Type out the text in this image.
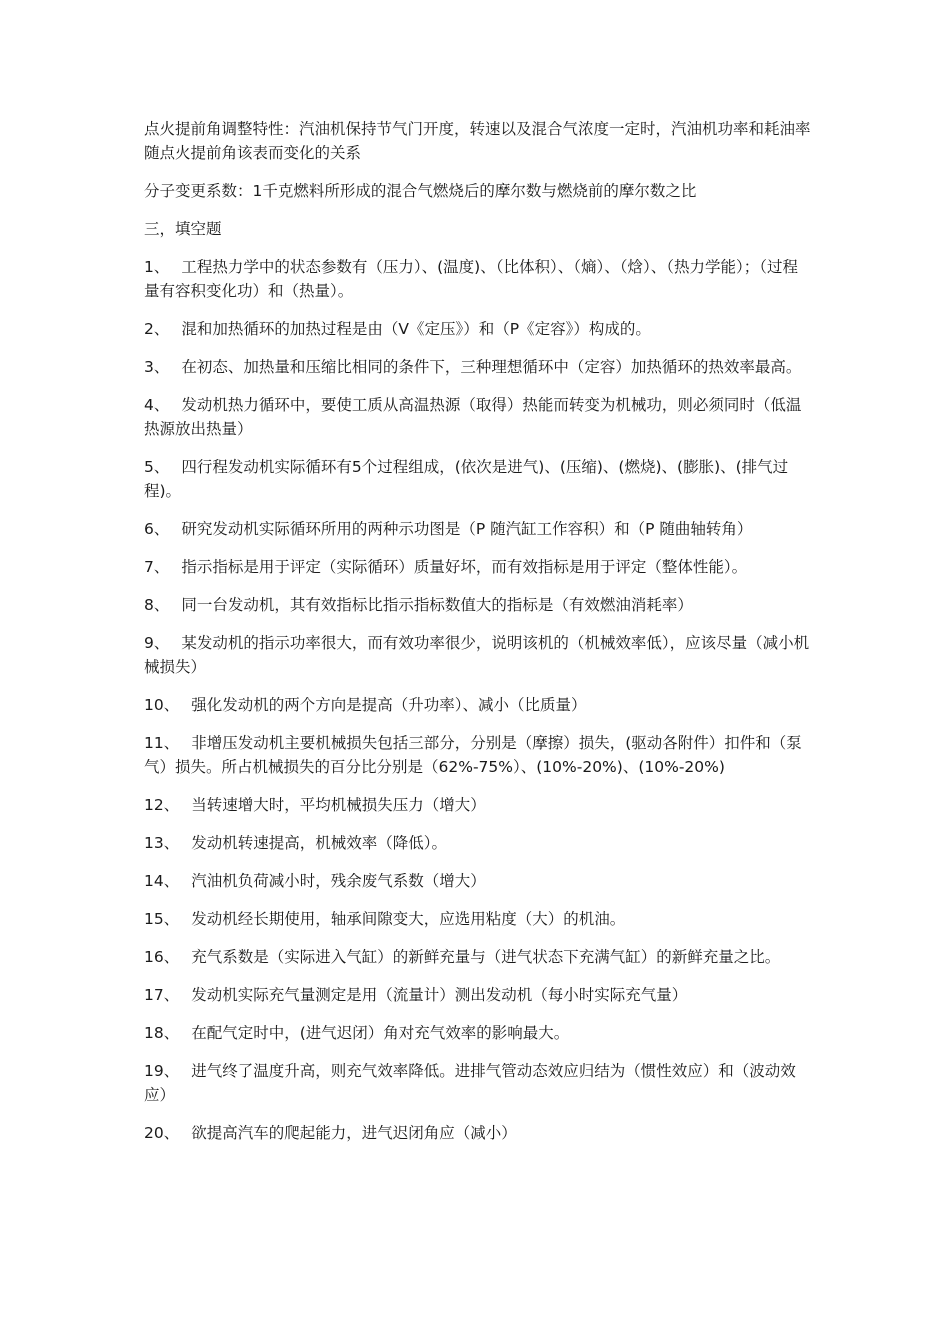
点火提前角调整特性：汽油机保持节气门开度，转速以及混合气浓度一定时，汽油机功率和耗油率随点火提前角该表而变化的关系

分子变更系数：1千克燃料所形成的混合气燃烧后的摩尔数与燃烧前的摩尔数之比

三，填空题

1、 工程热力学中的状态参数有（压力）、(温度)、（比体积）、（熵）、（焓）、（热力学能）；（过程量有容积变化功）和（热量）。

2、 混和加热循环的加热过程是由（V《定压》）和（P《定容》）构成的。

3、 在初态、加热量和压缩比相同的条件下，三种理想循环中（定容）加热循环的热效率最高。

4、 发动机热力循环中，要使工质从高温热源（取得）热能而转变为机械功，则必须同时（低温热源放出热量）

5、 四行程发动机实际循环有5个过程组成，(依次是进气)、(压缩)、(燃烧)、(膨胀)、(排气过程)。

6、 研究发动机实际循环所用的两种示功图是（P 随汽缸工作容积）和（P 随曲轴转角）

7、 指示指标是用于评定（实际循环）质量好坏，而有效指标是用于评定（整体性能）。

8、 同一台发动机，其有效指标比指示指标数值大的指标是（有效燃油消耗率）

9、 某发动机的指示功率很大，而有效功率很少，说明该机的（机械效率低），应该尽量（减小机械损失）

10、 强化发动机的两个方向是提高（升功率）、减小（比质量）

11、 非增压发动机主要机械损失包括三部分，分别是（摩擦）损失，(驱动各附件）扣件和（泵气）损失。所占机械损失的百分比分别是（62%-75%）、(10%-20%)、(10%-20%)

12、 当转速增大时，平均机械损失压力（增大）

13、 发动机转速提高，机械效率（降低）。

14、 汽油机负荷减小时，残余废气系数（增大）

15、 发动机经长期使用，轴承间隙变大，应选用粘度（大）的机油。

16、 充气系数是（实际进入气缸）的新鲜充量与（进气状态下充满气缸）的新鲜充量之比。

17、 发动机实际充气量测定是用（流量计）测出发动机（每小时实际充气量）

18、 在配气定时中，(进气迟闭）角对充气效率的影响最大。

19、 进气终了温度升高，则充气效率降低。进排气管动态效应归结为（惯性效应）和（波动效应）

20、 欲提高汽车的爬起能力，进气迟闭角应（减小）
